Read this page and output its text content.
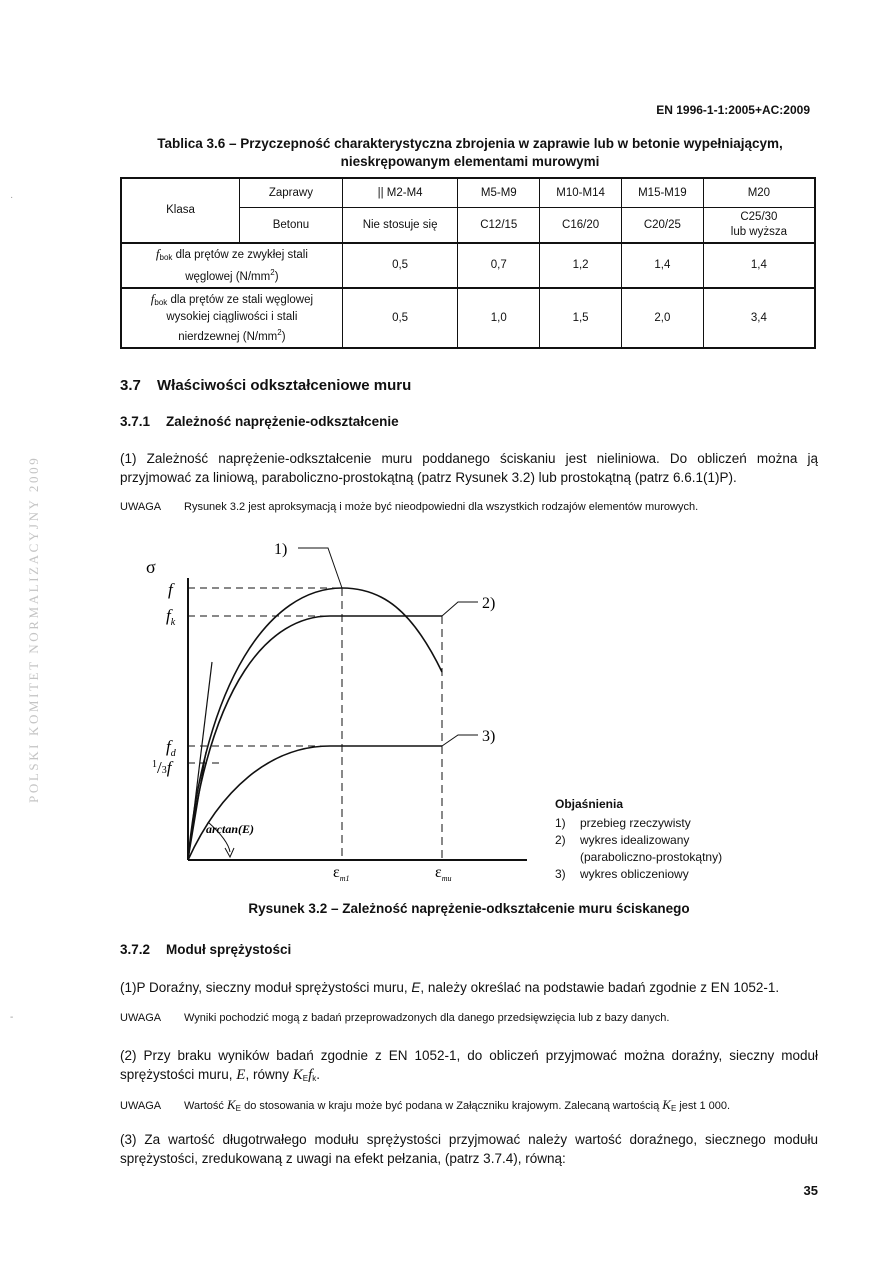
POLSKI KOMITET NORMALIZACYJNY 2009
·
-
EN 1996-1-1:2005+AC:2009
Tablica 3.6 – Przyczepność charakterystyczna zbrojenia w zaprawie lub w betonie wypełniającym,
nieskrępowanym elementami murowymi
Klasa	Zaprawy	|| M2-M4	M5-M9	M10-M14	M15-M19	M20
	Betonu	Nie stosuje się	C12/15	C16/20	C20/25	C25/30
lub wyższa

$f_{bok}$ dla prętów ze zwykłej stali
węglowej $(N/mm^2)$		0,5	0,7	1,2	1,4	1,4

$f_{bok}$ dla prętów ze stali węglowej
wysokiej ciągliwości i stali
nierdzewnej $(N/mm^2)$		0,5	1,0	1,5	2,0	3,4
3.7 Właściwości odkształceniowe muru
3.7.1 Zależność naprężenie-odkształcenie
(1) Zależność naprężenie-odkształcenie muru poddanego ściskaniu jest nieliniowa. Do obliczeń można ją przyjmować za liniową, paraboliczno-prostokątną (patrz Rysunek 3.2) lub prostokątną (patrz 6.6.1(1)P).
UWAGA Rysunek 3.2 jest aproksymacją i może być nieodpowiedni dla wszystkich rodzajów elementów murowych.
σ
f
$f_k$
$f_d$
$^1$/3f
1)
2)
3)
arctan(E)
$\varepsilon_{m1}$	$\varepsilon_{mu}$
Objaśnienia
1)	przebieg rzeczywisty
2)	wykres idealizowany (paraboliczno-prostokątny)
3)	wykres obliczeniowy
Rysunek 3.2 – Zależność naprężenie-odkształcenie muru ściskanego
3.7.2 Moduł sprężystości
(1)P Doraźny, sieczny moduł sprężystości muru, E, należy określać na podstawie badań zgodnie z EN 1052-1.
UWAGA Wyniki pochodzić mogą z badań przeprowadzonych dla danego przedsięwzięcia lub z bazy danych.
(2) Przy braku wyników badań zgodnie z EN 1052-1, do obliczeń przyjmować można doraźny, sieczny moduł sprężystości muru, E, równy $K_Ef_k$.
UWAGA Wartość $K_E$ do stosowania w kraju może być podana w Załączniku krajowym. Zalecaną wartością $K_E$ jest 1 000.
(3) Za wartość długotrwałego modułu sprężystości przyjmować należy wartość doraźnego, siecznego modułu sprężystości, zredukowaną z uwagi na efekt pełzania, (patrz 3.7.4), równą:
35
